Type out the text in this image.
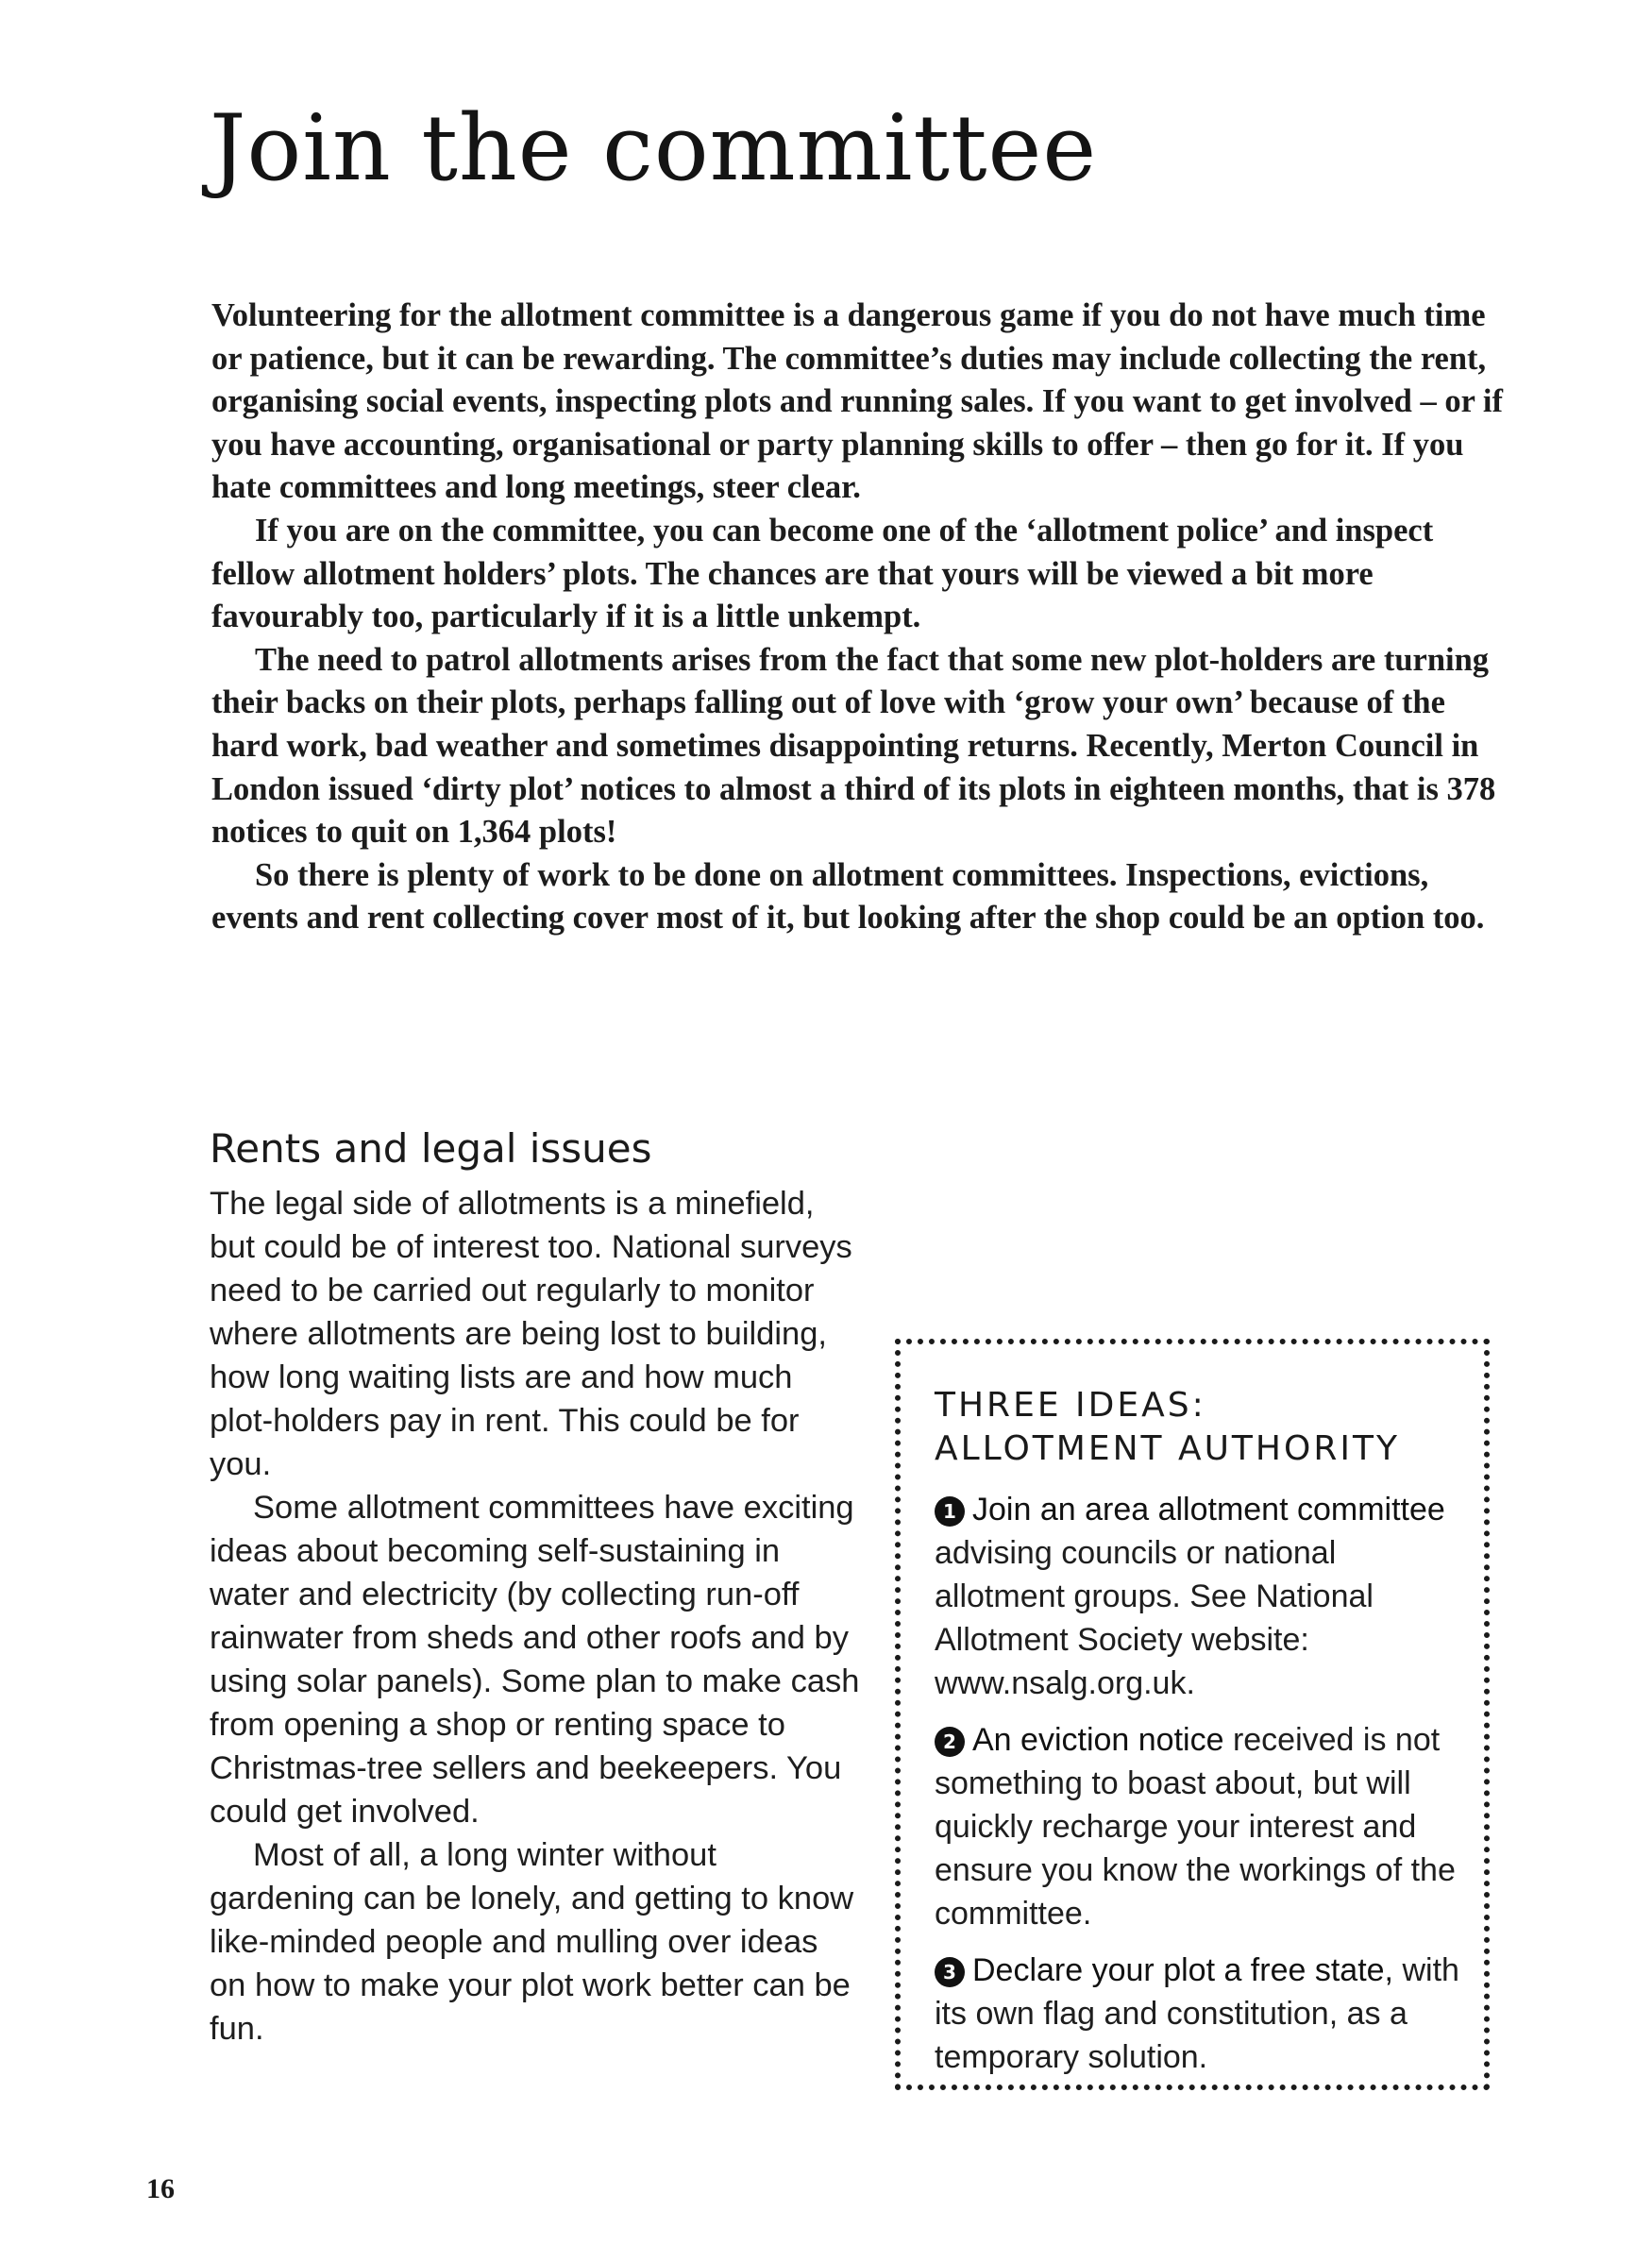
Join the committee

Volunteering for the allotment committee is a dangerous game if you do not have much time or patience, but it can be rewarding. The committee’s duties may include collecting the rent, organising social events, inspecting plots and running sales. If you want to get involved – or if you have accounting, organisational or party planning skills to offer – then go for it. If you hate committees and long meetings, steer clear.

If you are on the committee, you can become one of the ‘allotment police’ and inspect fellow allotment holders’ plots. The chances are that yours will be viewed a bit more favourably too, particularly if it is a little unkempt.

The need to patrol allotments arises from the fact that some new plot-holders are turning their backs on their plots, perhaps falling out of love with ‘grow your own’ because of the hard work, bad weather and sometimes disappointing returns. Recently, Merton Council in London issued ‘dirty plot’ notices to almost a third of its plots in eighteen months, that is 378 notices to quit on 1,364 plots!

So there is plenty of work to be done on allotment committees. Inspections, evictions, events and rent collecting cover most of it, but looking after the shop could be an option too.

Rents and legal issues

The legal side of allotments is a minefield, but could be of interest too. National surveys need to be carried out regularly to monitor where allotments are being lost to building, how long waiting lists are and how much plot-holders pay in rent. This could be for you.

Some allotment committees have exciting ideas about becoming self-sustaining in water and electricity (by collecting run-off rainwater from sheds and other roofs and by using solar panels). Some plan to make cash from opening a shop or renting space to Christmas-tree sellers and beekeepers. You could get involved.

Most of all, a long winter without gardening can be lonely, and getting to know like-minded people and mulling over ideas on how to make your plot work better can be fun.

THREE IDEAS:
ALLOTMENT AUTHORITY

1 Join an area allotment committee advising councils or national allotment groups. See National Allotment Society website: www.nsalg.org.uk.

2 An eviction notice received is not something to boast about, but will quickly recharge your interest and ensure you know the workings of the committee.

3 Declare your plot a free state, with its own flag and constitution, as a temporary solution.

16
